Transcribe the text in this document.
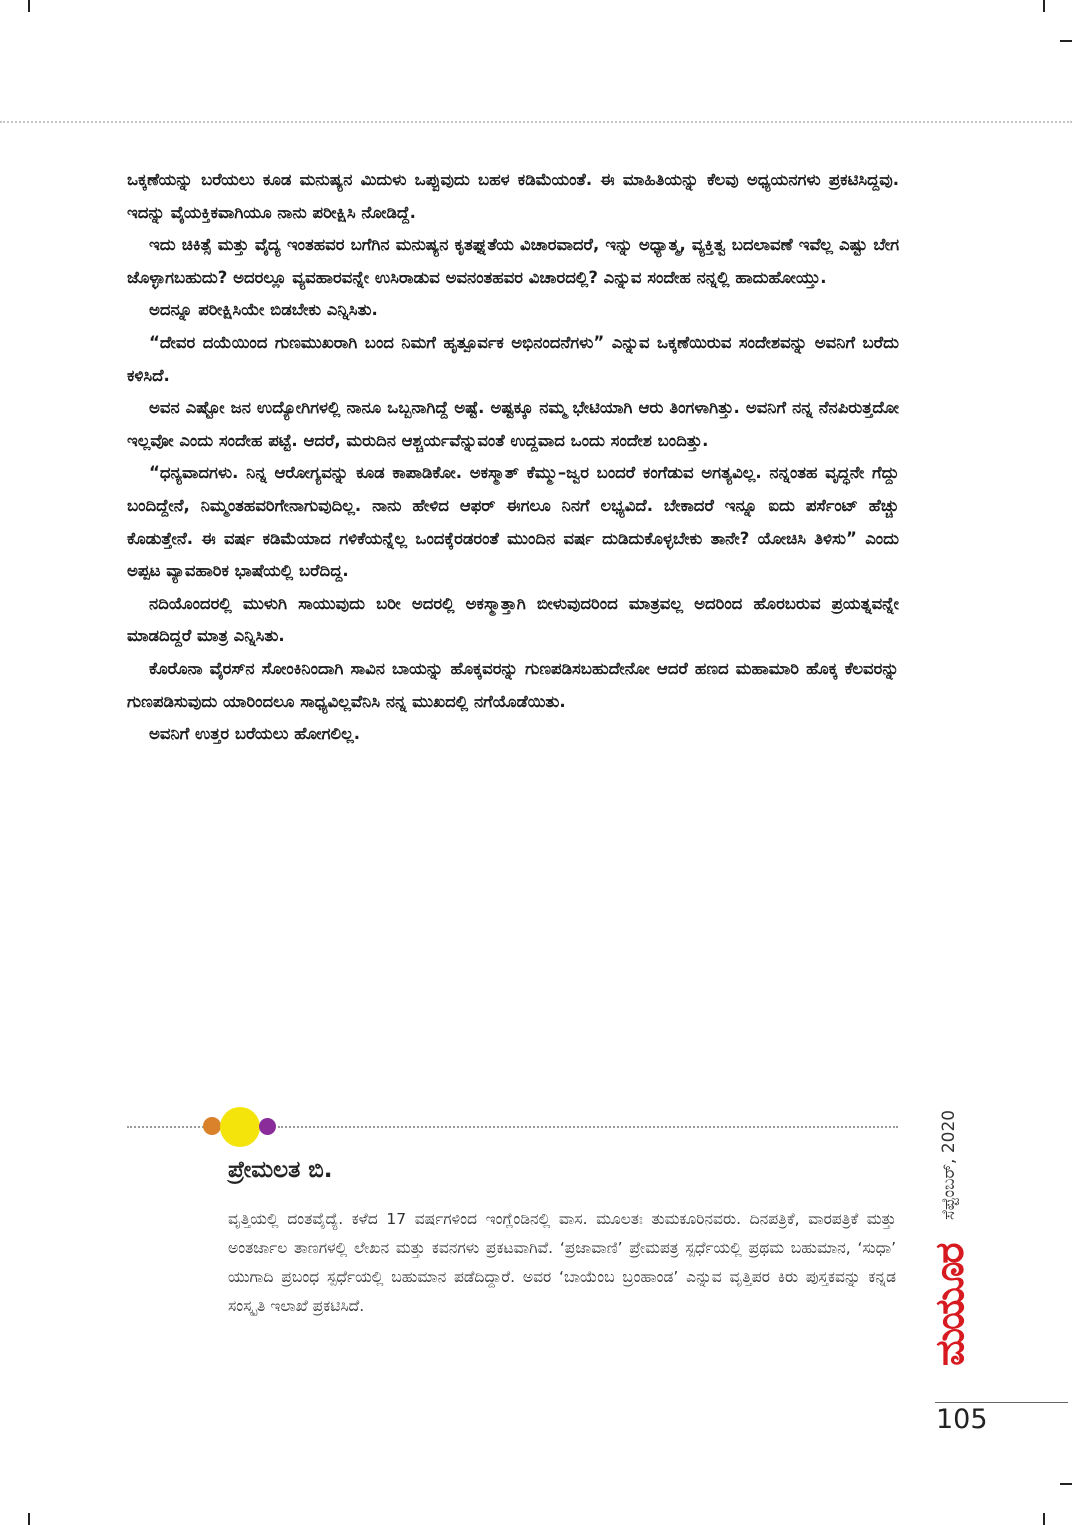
ಒಕ್ಕಣೆಯನ್ನು ಬರೆಯಲು ಕೂಡ ಮನುಷ್ಯನ ಮಿದುಳು ಒಪ್ಪುವುದು ಬಹಳ ಕಡಿಮೆಯಂತೆ. ಈ ಮಾಹಿತಿಯನ್ನು ಕೆಲವು ಅಧ್ಯಯನಗಳು ಪ್ರಕಟಿಸಿದ್ದವು. ಇದನ್ನು ವೈಯಕ್ತಿಕವಾಗಿಯೂ ನಾನು ಪರೀಕ್ಷಿಸಿ ನೋಡಿದ್ದೆ.

ಇದು ಚಿಕಿತ್ಸೆ ಮತ್ತು ವೈದ್ಯ ಇಂತಹವರ ಬಗೆಗಿನ ಮನುಷ್ಯನ ಕೃತಘ್ನತೆಯ ವಿಚಾರವಾದರೆ, ಇನ್ನು ಅಧ್ಯಾತ್ಮ, ವ್ಯಕ್ತಿತ್ವ ಬದಲಾವಣೆ ಇವೆಲ್ಲ ಎಷ್ಟು ಬೇಗ ಜೊಳ್ಳಾಗಬಹುದು? ಅದರಲ್ಲೂ ವ್ಯವಹಾರವನ್ನೇ ಉಸಿರಾಡುವ ಅವನಂತಹವರ ವಿಚಾರದಲ್ಲಿ? ಎನ್ನುವ ಸಂದೇಹ ನನ್ನಲ್ಲಿ ಹಾದುಹೋಯ್ತು.

ಅದನ್ನೂ ಪರೀಕ್ಷಿಸಿಯೇ ಬಿಡಬೇಕು ಎನ್ನಿಸಿತು.

“ದೇವರ ದಯೆಯಿಂದ ಗುಣಮುಖರಾಗಿ ಬಂದ ನಿಮಗೆ ಹೃತ್ಪೂರ್ವಕ ಅಭಿನಂದನೆಗಳು” ಎನ್ನುವ ಒಕ್ಕಣೆಯಿರುವ ಸಂದೇಶವನ್ನು ಅವನಿಗೆ ಬರೆದು ಕಳಿಸಿದೆ.

ಅವನ ಎಷ್ಟೋ ಜನ ಉದ್ಯೋಗಿಗಳಲ್ಲಿ ನಾನೂ ಒಬ್ಬನಾಗಿದ್ದೆ ಅಷ್ಟೆ. ಅಷ್ಟಕ್ಕೂ ನಮ್ಮ ಭೇಟಿಯಾಗಿ ಆರು ತಿಂಗಳಾಗಿತ್ತು. ಅವನಿಗೆ ನನ್ನ ನೆನಪಿರುತ್ತದೋ ಇಲ್ಲವೋ ಎಂದು ಸಂದೇಹ ಪಟ್ಟೆ. ಆದರೆ, ಮರುದಿನ ಆಶ್ಚರ್ಯವೆನ್ನುವಂತೆ ಉದ್ದವಾದ ಒಂದು ಸಂದೇಶ ಬಂದಿತ್ತು.

“ಧನ್ಯವಾದಗಳು. ನಿನ್ನ ಆರೋಗ್ಯವನ್ನು ಕೂಡ ಕಾಪಾಡಿಕೋ. ಅಕಸ್ಮಾತ್ ಕೆಮ್ಮು–ಜ್ವರ ಬಂದರೆ ಕಂಗೆಡುವ ಅಗತ್ಯವಿಲ್ಲ. ನನ್ನಂತಹ ವೃದ್ಧನೇ ಗೆದ್ದು ಬಂದಿದ್ದೇನೆ, ನಿಮ್ಮಂತಹವರಿಗೇನಾಗುವುದಿಲ್ಲ. ನಾನು ಹೇಳಿದ ಆಫರ್ ಈಗಲೂ ನಿನಗೆ ಲಭ್ಯವಿದೆ. ಬೇಕಾದರೆ ಇನ್ನೂ ಐದು ಪರ್ಸೆಂಟ್ ಹೆಚ್ಚು ಕೊಡುತ್ತೇನೆ. ಈ ವರ್ಷ ಕಡಿಮೆಯಾದ ಗಳಿಕೆಯನ್ನೆಲ್ಲ ಒಂದಕ್ಕೆರಡರಂತೆ ಮುಂದಿನ ವರ್ಷ ದುಡಿದುಕೊಳ್ಳಬೇಕು ತಾನೇ? ಯೋಚಿಸಿ ತಿಳಿಸು” ಎಂದು ಅಪ್ಪಟ ವ್ಯಾವಹಾರಿಕ ಭಾಷೆಯಲ್ಲಿ ಬರೆದಿದ್ದ.

ನದಿಯೊಂದರಲ್ಲಿ ಮುಳುಗಿ ಸಾಯುವುದು ಬರೀ ಅದರಲ್ಲಿ ಅಕಸ್ಮಾತ್ತಾಗಿ ಬೀಳುವುದರಿಂದ ಮಾತ್ರವಲ್ಲ ಅದರಿಂದ ಹೊರಬರುವ ಪ್ರಯತ್ನವನ್ನೇ ಮಾಡದಿದ್ದರೆ ಮಾತ್ರ ಎನ್ನಿಸಿತು.

ಕೊರೊನಾ ವೈರಸ್‌ನ ಸೋಂಕಿನಿಂದಾಗಿ ಸಾವಿನ ಬಾಯನ್ನು ಹೊಕ್ಕವರನ್ನು ಗುಣಪಡಿಸಬಹುದೇನೋ ಆದರೆ ಹಣದ ಮಹಾಮಾರಿ ಹೊಕ್ಕ ಕೆಲವರನ್ನು ಗುಣಪಡಿಸುವುದು ಯಾರಿಂದಲೂ ಸಾಧ್ಯವಿಲ್ಲವೆನಿಸಿ ನನ್ನ ಮುಖದಲ್ಲಿ ನಗೆಯೊಡೆಯಿತು.

ಅವನಿಗೆ ಉತ್ತರ ಬರೆಯಲು ಹೋಗಲಿಲ್ಲ.

ಪ್ರೇಮಲತ ಬಿ.
ವೃತ್ತಿಯಲ್ಲಿ ದಂತವೈದ್ಯೆ. ಕಳೆದ 17 ವರ್ಷಗಳಿಂದ ಇಂಗ್ಲೆಂಡಿನಲ್ಲಿ ವಾಸ. ಮೂಲತಃ ತುಮಕೂರಿನವರು. ದಿನಪತ್ರಿಕೆ, ವಾರಪತ್ರಿಕೆ ಮತ್ತು ಅಂತರ್ಜಾಲ ತಾಣಗಳಲ್ಲಿ ಲೇಖನ ಮತ್ತು ಕವನಗಳು ಪ್ರಕಟವಾಗಿವೆ. ‘ಪ್ರಜಾವಾಣಿ’ ಪ್ರೇಮಪತ್ರ ಸ್ಪರ್ಧೆಯಲ್ಲಿ ಪ್ರಥಮ ಬಹುಮಾನ, ‘ಸುಧಾ’ ಯುಗಾದಿ ಪ್ರಬಂಧ ಸ್ಪರ್ಧೆಯಲ್ಲಿ ಬಹುಮಾನ ಪಡೆದಿದ್ದಾರೆ. ಅವರ ‘ಬಾಯೆಂಬ ಬ್ರಂಹಾಂಡ’ ಎನ್ನುವ ವೃತ್ತಿಪರ ಕಿರು ಪುಸ್ತಕವನ್ನು ಕನ್ನಡ ಸಂಸ್ಕೃತಿ ಇಲಾಖೆ ಪ್ರಕಟಿಸಿದೆ.
ಸೆಪ್ಟೆಂಬರ್, 2020
ಮಯೂರ
105
